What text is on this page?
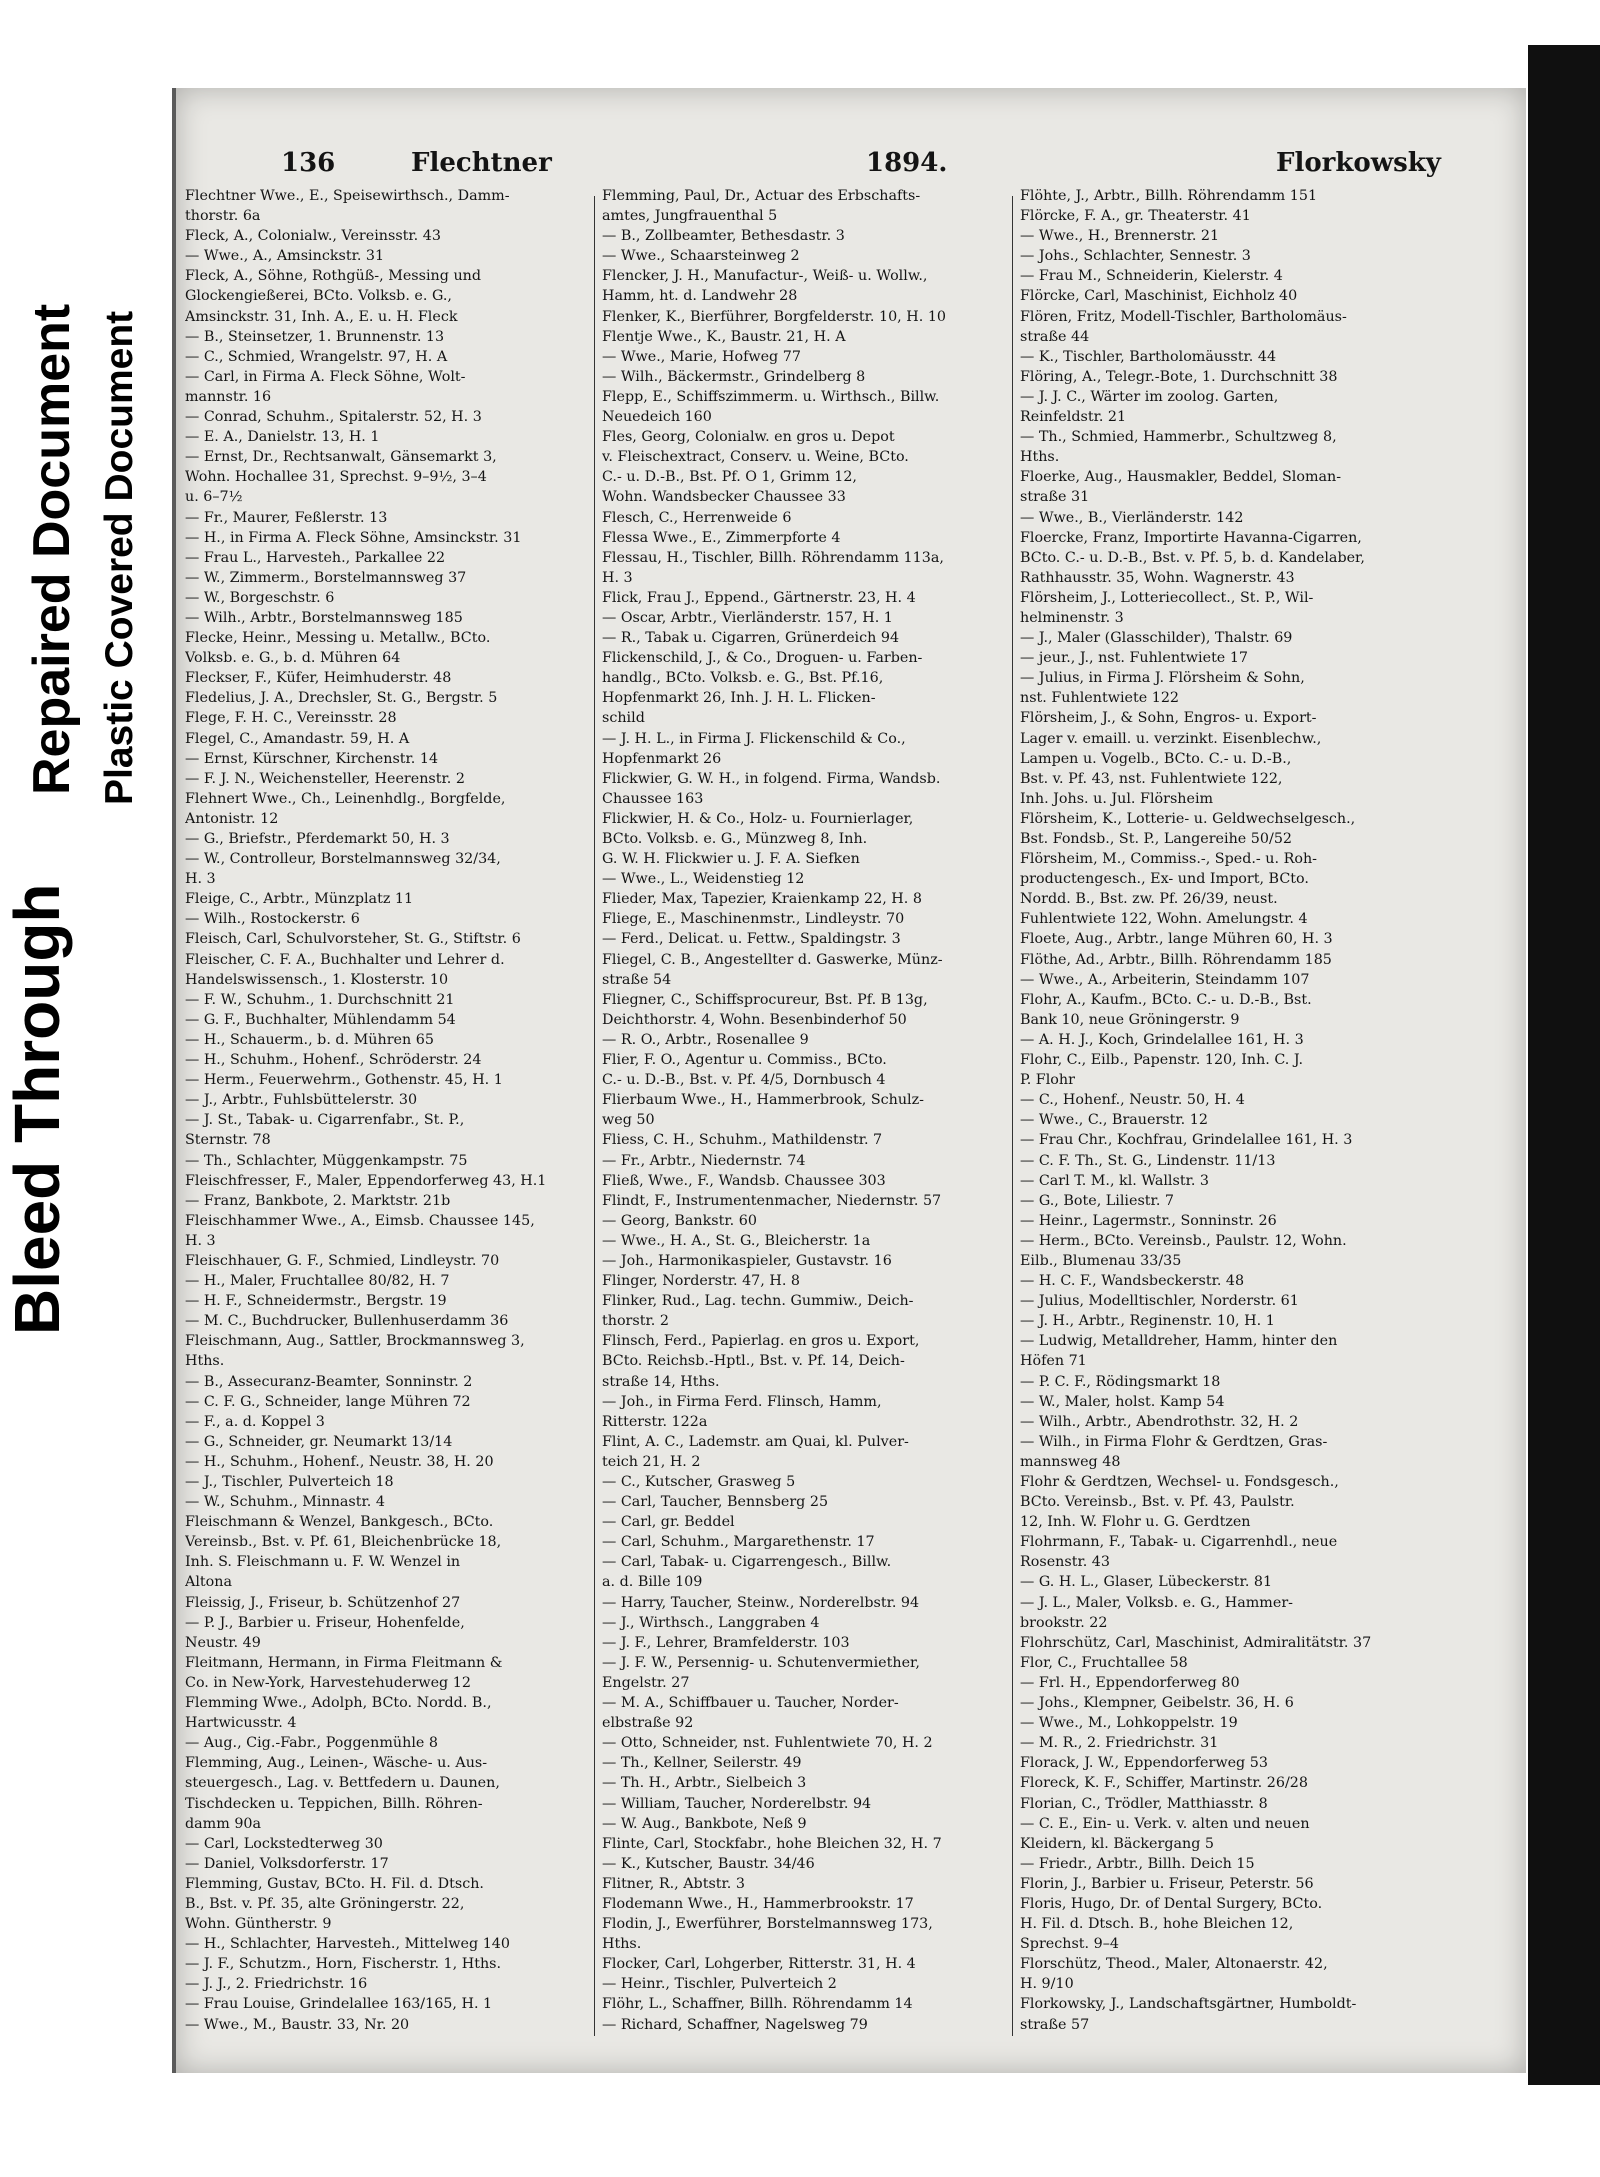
Bleed Through
Repaired Document Plastic Covered Document
136	Flechtner	1894.	Florkowsky
Flechtner Wwe., E., Speisewirthsch., Damm-
thorstr. 6a
Fleck, A., Colonialw., Vereinsstr. 43
— Wwe., A., Amsinckstr. 31
Fleck, A., Söhne, Rothgüß-, Messing und
Glockengießerei, BCto. Volksb. e. G.,
Amsinckstr. 31, Inh. A., E. u. H. Fleck
— B., Steinsetzer, 1. Brunnenstr. 13
— C., Schmied, Wrangelstr. 97, H. A
— Carl, in Firma A. Fleck Söhne, Wolt-
mannstr. 16
— Conrad, Schuhm., Spitalerstr. 52, H. 3
— E. A., Danielstr. 13, H. 1
— Ernst, Dr., Rechtsanwalt, Gänsemarkt 3,
Wohn. Hochallee 31, Sprechst. 9–9½, 3–4
u. 6–7½
— Fr., Maurer, Feßlerstr. 13
— H., in Firma A. Fleck Söhne, Amsinckstr. 31
— Frau L., Harvesteh., Parkallee 22
— W., Zimmerm., Borstelmannsweg 37
— W., Borgeschstr. 6
— Wilh., Arbtr., Borstelmannsweg 185
Flecke, Heinr., Messing u. Metallw., BCto.
Volksb. e. G., b. d. Mühren 64
Fleckser, F., Küfer, Heimhuderstr. 48
Fledelius, J. A., Drechsler, St. G., Bergstr. 5
Flege, F. H. C., Vereinsstr. 28
Flegel, C., Amandastr. 59, H. A
— Ernst, Kürschner, Kirchenstr. 14
— F. J. N., Weichensteller, Heerenstr. 2
Flehnert Wwe., Ch., Leinenhdlg., Borgfelde,
Antonistr. 12
— G., Briefstr., Pferdemarkt 50, H. 3
— W., Controlleur, Borstelmannsweg 32/34,
H. 3
Fleige, C., Arbtr., Münzplatz 11
— Wilh., Rostockerstr. 6
Fleisch, Carl, Schulvorsteher, St. G., Stiftstr. 6
Fleischer, C. F. A., Buchhalter und Lehrer d.
Handelswissensch., 1. Klosterstr. 10
— F. W., Schuhm., 1. Durchschnitt 21
— G. F., Buchhalter, Mühlendamm 54
— H., Schauerm., b. d. Mühren 65
— H., Schuhm., Hohenf., Schröderstr. 24
— Herm., Feuerwehrm., Gothenstr. 45, H. 1
— J., Arbtr., Fuhlsbüttelerstr. 30
— J. St., Tabak- u. Cigarrenfabr., St. P.,
Sternstr. 78
— Th., Schlachter, Müggenkampstr. 75
Fleischfresser, F., Maler, Eppendorferweg 43, H.1
— Franz, Bankbote, 2. Marktstr. 21b
Fleischhammer Wwe., A., Eimsb. Chaussee 145,
H. 3
Fleischhauer, G. F., Schmied, Lindleystr. 70
— H., Maler, Fruchtallee 80/82, H. 7
— H. F., Schneidermstr., Bergstr. 19
— M. C., Buchdrucker, Bullenhuserdamm 36
Fleischmann, Aug., Sattler, Brockmannsweg 3,
Hths.
— B., Assecuranz-Beamter, Sonninstr. 2
— C. F. G., Schneider, lange Mühren 72
— F., a. d. Koppel 3
— G., Schneider, gr. Neumarkt 13/14
— H., Schuhm., Hohenf., Neustr. 38, H. 20
— J., Tischler, Pulverteich 18
— W., Schuhm., Minnastr. 4
Fleischmann & Wenzel, Bankgesch., BCto.
Vereinsb., Bst. v. Pf. 61, Bleichenbrücke 18,
Inh. S. Fleischmann u. F. W. Wenzel in
Altona
Fleissig, J., Friseur, b. Schützenhof 27
— P. J., Barbier u. Friseur, Hohenfelde,
Neustr. 49
Fleitmann, Hermann, in Firma Fleitmann &
Co. in New-York, Harvestehuderweg 12
Flemming Wwe., Adolph, BCto. Nordd. B.,
Hartwicusstr. 4
— Aug., Cig.-Fabr., Poggenmühle 8
Flemming, Aug., Leinen-, Wäsche- u. Aus-
steuergesch., Lag. v. Bettfedern u. Daunen,
Tischdecken u. Teppichen, Billh. Röhren-
damm 90a
— Carl, Lockstedterweg 30
— Daniel, Volksdorferstr. 17
Flemming, Gustav, BCto. H. Fil. d. Dtsch.
B., Bst. v. Pf. 35, alte Gröningerstr. 22,
Wohn. Güntherstr. 9
— H., Schlachter, Harvesteh., Mittelweg 140
— J. F., Schutzm., Horn, Fischerstr. 1, Hths.
— J. J., 2. Friedrichstr. 16
— Frau Louise, Grindelallee 163/165, H. 1
— Wwe., M., Baustr. 33, Nr. 20
Flemming, Paul, Dr., Actuar des Erbschafts-
amtes, Jungfrauenthal 5
— B., Zollbeamter, Bethesdastr. 3
— Wwe., Schaarsteinweg 2
Flencker, J. H., Manufactur-, Weiß- u. Wollw.,
Hamm, ht. d. Landwehr 28
Flenker, K., Bierführer, Borgfelderstr. 10, H. 10
Flentje Wwe., K., Baustr. 21, H. A
— Wwe., Marie, Hofweg 77
— Wilh., Bäckermstr., Grindelberg 8
Flepp, E., Schiffszimmerm. u. Wirthsch., Billw.
Neuedeich 160
Fles, Georg, Colonialw. en gros u. Depot
v. Fleischextract, Conserv. u. Weine, BCto.
C.- u. D.-B., Bst. Pf. O 1, Grimm 12,
Wohn. Wandsbecker Chaussee 33
Flesch, C., Herrenweide 6
Flessa Wwe., E., Zimmerpforte 4
Flessau, H., Tischler, Billh. Röhrendamm 113a,
H. 3
Flick, Frau J., Eppend., Gärtnerstr. 23, H. 4
— Oscar, Arbtr., Vierländerstr. 157, H. 1
— R., Tabak u. Cigarren, Grünerdeich 94
Flickenschild, J., & Co., Droguen- u. Farben-
handlg., BCto. Volksb. e. G., Bst. Pf.16,
Hopfenmarkt 26, Inh. J. H. L. Flicken-
schild
— J. H. L., in Firma J. Flickenschild & Co.,
Hopfenmarkt 26
Flickwier, G. W. H., in folgend. Firma, Wandsb.
Chaussee 163
Flickwier, H. & Co., Holz- u. Fournierlager,
BCto. Volksb. e. G., Münzweg 8, Inh.
G. W. H. Flickwier u. J. F. A. Siefken
— Wwe., L., Weidenstieg 12
Flieder, Max, Tapezier, Kraienkamp 22, H. 8
Fliege, E., Maschinenmstr., Lindleystr. 70
— Ferd., Delicat. u. Fettw., Spaldingstr. 3
Fliegel, C. B., Angestellter d. Gaswerke, Münz-
straße 54
Fliegner, C., Schiffsprocureur, Bst. Pf. B 13g,
Deichthorstr. 4, Wohn. Besenbinderhof 50
— R. O., Arbtr., Rosenallee 9
Flier, F. O., Agentur u. Commiss., BCto.
C.- u. D.-B., Bst. v. Pf. 4/5, Dornbusch 4
Flierbaum Wwe., H., Hammerbrook, Schulz-
weg 50
Fliess, C. H., Schuhm., Mathildenstr. 7
— Fr., Arbtr., Niedernstr. 74
Fließ, Wwe., F., Wandsb. Chaussee 303
Flindt, F., Instrumentenmacher, Niedernstr. 57
— Georg, Bankstr. 60
— Wwe., H. A., St. G., Bleicherstr. 1a
— Joh., Harmonikaspieler, Gustavstr. 16
Flinger, Norderstr. 47, H. 8
Flinker, Rud., Lag. techn. Gummiw., Deich-
thorstr. 2
Flinsch, Ferd., Papierlag. en gros u. Export,
BCto. Reichsb.-Hptl., Bst. v. Pf. 14, Deich-
straße 14, Hths.
— Joh., in Firma Ferd. Flinsch, Hamm,
Ritterstr. 122a
Flint, A. C., Lademstr. am Quai, kl. Pulver-
teich 21, H. 2
— C., Kutscher, Grasweg 5
— Carl, Taucher, Bennsberg 25
— Carl, gr. Beddel
— Carl, Schuhm., Margarethenstr. 17
— Carl, Tabak- u. Cigarrengesch., Billw.
a. d. Bille 109
— Harry, Taucher, Steinw., Norderelbstr. 94
— J., Wirthsch., Langgraben 4
— J. F., Lehrer, Bramfelderstr. 103
— J. F. W., Persennig- u. Schutenvermiether,
Engelstr. 27
— M. A., Schiffbauer u. Taucher, Norder-
elbstraße 92
— Otto, Schneider, nst. Fuhlentwiete 70, H. 2
— Th., Kellner, Seilerstr. 49
— Th. H., Arbtr., Sielbeich 3
— William, Taucher, Norderelbstr. 94
— W. Aug., Bankbote, Neß 9
Flinte, Carl, Stockfabr., hohe Bleichen 32, H. 7
— K., Kutscher, Baustr. 34/46
Flitner, R., Abtstr. 3
Flodemann Wwe., H., Hammerbrookstr. 17
Flodin, J., Ewerführer, Borstelmannsweg 173,
Hths.
Flocker, Carl, Lohgerber, Ritterstr. 31, H. 4
— Heinr., Tischler, Pulverteich 2
Flöhr, L., Schaffner, Billh. Röhrendamm 14
— Richard, Schaffner, Nagelsweg 79
Flöhte, J., Arbtr., Billh. Röhrendamm 151
Flörcke, F. A., gr. Theaterstr. 41
— Wwe., H., Brennerstr. 21
— Johs., Schlachter, Sennestr. 3
— Frau M., Schneiderin, Kielerstr. 4
Flörcke, Carl, Maschinist, Eichholz 40
Flören, Fritz, Modell-Tischler, Bartholomäus-
straße 44
— K., Tischler, Bartholomäusstr. 44
Flöring, A., Telegr.-Bote, 1. Durchschnitt 38
— J. J. C., Wärter im zoolog. Garten,
Reinfeldstr. 21
— Th., Schmied, Hammerbr., Schultzweg 8,
Hths.
Floerke, Aug., Hausmakler, Beddel, Sloman-
straße 31
— Wwe., B., Vierländerstr. 142
Floercke, Franz, Importirte Havanna-Cigarren,
BCto. C.- u. D.-B., Bst. v. Pf. 5, b. d. Kandelaber,
Rathhausstr. 35, Wohn. Wagnerstr. 43
Flörsheim, J., Lotteriecollect., St. P., Wil-
helminenstr. 3
— J., Maler (Glasschilder), Thalstr. 69
— jeur., J., nst. Fuhlentwiete 17
— Julius, in Firma J. Flörsheim & Sohn,
nst. Fuhlentwiete 122
Flörsheim, J., & Sohn, Engros- u. Export-
Lager v. emaill. u. verzinkt. Eisenblechw.,
Lampen u. Vogelb., BCto. C.- u. D.-B.,
Bst. v. Pf. 43, nst. Fuhlentwiete 122,
Inh. Johs. u. Jul. Flörsheim
Flörsheim, K., Lotterie- u. Geldwechselgesch.,
Bst. Fondsb., St. P., Langereihe 50/52
Flörsheim, M., Commiss.-, Sped.- u. Roh-
productengesch., Ex- und Import, BCto.
Nordd. B., Bst. zw. Pf. 26/39, neust.
Fuhlentwiete 122, Wohn. Amelungstr. 4
Floete, Aug., Arbtr., lange Mühren 60, H. 3
Flöthe, Ad., Arbtr., Billh. Röhrendamm 185
— Wwe., A., Arbeiterin, Steindamm 107
Flohr, A., Kaufm., BCto. C.- u. D.-B., Bst.
Bank 10, neue Gröningerstr. 9
— A. H. J., Koch, Grindelallee 161, H. 3
Flohr, C., Eilb., Papenstr. 120, Inh. C. J.
P. Flohr
— C., Hohenf., Neustr. 50, H. 4
— Wwe., C., Brauerstr. 12
— Frau Chr., Kochfrau, Grindelallee 161, H. 3
— C. F. Th., St. G., Lindenstr. 11/13
— Carl T. M., kl. Wallstr. 3
— G., Bote, Liliestr. 7
— Heinr., Lagermstr., Sonninstr. 26
— Herm., BCto. Vereinsb., Paulstr. 12, Wohn.
Eilb., Blumenau 33/35
— H. C. F., Wandsbeckerstr. 48
— Julius, Modelltischler, Norderstr. 61
— J. H., Arbtr., Reginenstr. 10, H. 1
— Ludwig, Metalldreher, Hamm, hinter den
Höfen 71
— P. C. F., Rödingsmarkt 18
— W., Maler, holst. Kamp 54
— Wilh., Arbtr., Abendrothstr. 32, H. 2
— Wilh., in Firma Flohr & Gerdtzen, Gras-
mannsweg 48
Flohr & Gerdtzen, Wechsel- u. Fondsgesch.,
BCto. Vereinsb., Bst. v. Pf. 43, Paulstr.
12, Inh. W. Flohr u. G. Gerdtzen
Flohrmann, F., Tabak- u. Cigarrenhdl., neue
Rosenstr. 43
— G. H. L., Glaser, Lübeckerstr. 81
— J. L., Maler, Volksb. e. G., Hammer-
brookstr. 22
Flohrschütz, Carl, Maschinist, Admiralitätstr. 37
Flor, C., Fruchtallee 58
— Frl. H., Eppendorferweg 80
— Johs., Klempner, Geibelstr. 36, H. 6
— Wwe., M., Lohkoppelstr. 19
— M. R., 2. Friedrichstr. 31
Florack, J. W., Eppendorferweg 53
Floreck, K. F., Schiffer, Martinstr. 26/28
Florian, C., Trödler, Matthiasstr. 8
— C. E., Ein- u. Verk. v. alten und neuen
Kleidern, kl. Bäckergang 5
— Friedr., Arbtr., Billh. Deich 15
Florin, J., Barbier u. Friseur, Peterstr. 56
Floris, Hugo, Dr. of Dental Surgery, BCto.
H. Fil. d. Dtsch. B., hohe Bleichen 12,
Sprechst. 9–4
Florschütz, Theod., Maler, Altonaerstr. 42,
H. 9/10
Florkowsky, J., Landschaftsgärtner, Humboldt-
straße 57
